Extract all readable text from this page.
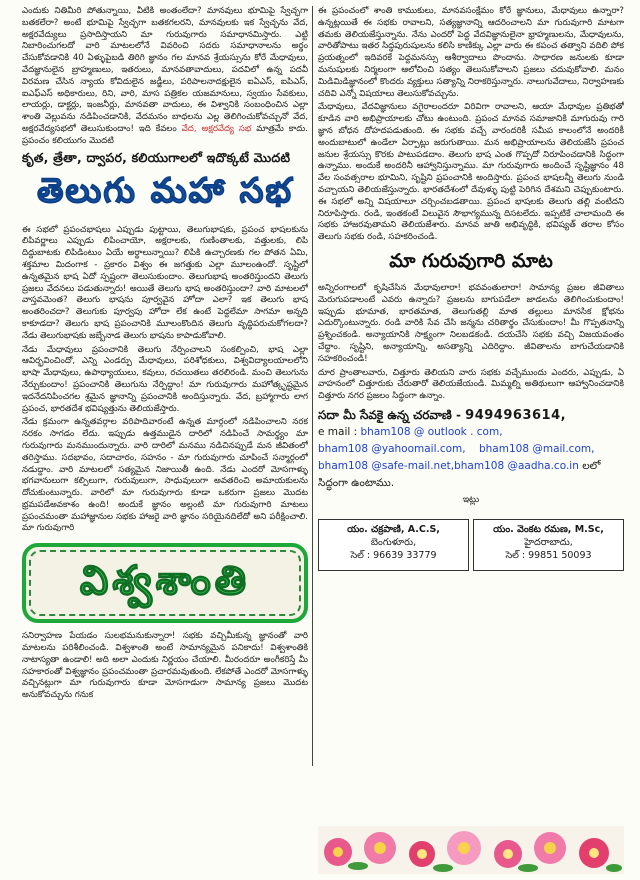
ఎందుకు నితిమీరి పోతున్నాయి, వీటికి అంతంలేదా? మానవులు భూమిపై స్వేచ్ఛగా బతకలేరా? అంటే భూమిపై స్వేచ్ఛగా బతకగలరని, మానవులకు ఇక స్వేచ్ఛను వేద, అక్షరవేద్యులు ప్రసాదిస్తాయని మా గురువుగారు సమాధానమిస్తారు. ఎట్టి నిబారించుగలదో వారి మాటలలోనే వివరించి సదరు సమాధానాలను అర్థం చేసుకోవడానికి 40 ఏళ్ళుపైబడి తిరిగి జ్ఞానం గల మానవ శ్రేయస్సును కోరే మేధావులు, వేదజ్ఞానులైన బ్రాహ్మణులు, ఇతరులు, మానవతావాదులు, పదవిలో ఉన్న పదవీ విరమణ చేసిన న్యాయ కోవిదులైన జడ్జీలు, పరిపాలనాదక్షులైన ఐఏఎస్, ఐపిఎస్, ఐఎఫ్ఎస్ అధికారులు, రిని, వారి, మాస పత్రికల యజమానులు, స్వయం సేవకులు, లాయర్లు, డాక్టర్లు, ఇంజనీర్లు, మానవతా వాదులు, ఈ విశ్వానికి సంబంధించిన ఎల్లా శాంతి వెల్లువను నడిపించడానికి, వేదమనం బాధలను ఎల్ల తెలిగించుకోవచ్చునో వేద, అక్షరవేద్యసభలో తెలుసుకుందాం! ఇది కేవలం వేద, అక్షరవేద్య సభ మాత్రమే కాదు. ప్రపంచం కలియుగం మొదటి

కృత, త్రేతా, ద్వాపర, కలియుగాలలో ఇదొక్కటే మొదటి
తెలుగు మహా సభ

ఈ సభలో ప్రపంచభాషలు ఎప్పుడు పుట్టాయి, తెలుగుభాషకు, ప్రపంచ భాషలకును లిపివర్ణాలు ఎప్పుడు లిపించాయో, అక్షరాలకు, గుణింతాలకు, వత్తులకు, లిపి దిద్దుబాటకు లిపిడింటుం ఏయే అర్థాలున్నాయి? లిపికి ఉచ్చారణకు గల పోతన ఏమి, శక్తమాల మిదంగాక - ప్రకారం విశ్వం ఈ జగత్తుకు ఎల్లా మూలంఉందో. సృష్టిలో ఉన్నతమైన భాష ఏదో స్పష్టంగా తెలుసుకుందాం. తెలుగుభాష అంతరిస్తుందని తెలుగు ప్రజలు వేదనలు పడుతున్నారు! అయితే తెలుగు భాష అంతరిస్తుందా? వారి మాటలలో వాస్తవమెంత? తెలుగు భాషను పూర్వవైన హోదా ఎలా? ఇక తెలుగు భాష అంతరించదా? తెలుగుకు పూర్వపు హోదా లేక ఉంటే పెద్దలేమా సాగమా అన్నది కాకూడదా? తెలుగు భాష ప్రపంచానికి మూలంకొందిన తెలుగు వృద్ధిపరుచుకోగలదా? నేడు తెలుగుభాషకు జబ్బేనాడ తెలుగు భాషను కాపాడుకోవాలి.

నేడు మేధావులు ప్రపంచానికి తెలుగు నేర్పించాలని సంకల్పించి, భాష ఎల్లా ఆవిర్భవించిందో, ఎన్ని ఎండర్పు మేధావులు, పరిశోధకులు, విశ్వవిద్యాలయాలలోని భాషా మేధావులు, ఉపాధ్యాయులు, కవులు, రచయితలు తరలిరండి. మంచి తెలుగును నేర్చుకుందాం! ప్రపంచానికి తెలుగును నేర్పిద్దాం! మా గురువుగారు మహోత్కృష్టమైన ఇదనేదనిపించగల శ్రమైన జ్ఞానాన్ని ప్రపంచానికి అందిస్తున్నారు. వేద, బ్రహ్మాగారు లాగ ప్రపంచ, భారతదేశ భవిష్యత్తును తెలియజేస్తారు.

నేడు క్రమంగా ఉన్నతవర్గాల వరిపాదివారంటే ఉన్నత మార్గంలో నడిపించాలని నరక నరకం సాగడం లేదు. ఇప్పుడు ఉత్తముడైన దారిలో నడిపించే సామర్థ్యం మా గురువుగారు మనముందున్నారు. వారి దారిలో మనము నడిచినప్పుడే మన జీవితంలో తరిస్తాము. సదభావం, సదాచారం, సహనం - మా గురువుగారు చూపించే సన్మార్గంలో నడుద్దాం. వారి మాటలలో సత్యమైన నిజాయితీ ఉంది. నేడు ఎందరో మోసగాళ్ళు భగవానులుగా కల్పిలుగా, గురువులుగా, సాధువులుగా అవతరించి అమాయకులను దోచుకుంటున్నారు. వారిలో మా గురువుగారు కూడా ఒకరుగా ప్రజలు మొదట భ్రమపడేఅవకాశం ఉంది! అందుకే జ్ఞానం అల్లంటి మా గురువుగారి మాటలు ప్రపంచమంతా మహాజ్ఞానుల సభకు హాజరై వారి జ్ఞానం సరియైనదిలేదో అని పరీక్షించాలి. మా గురువుగారి

విశ్వశాంతి

సనిర్వాహణ పేయడం సులభమనుకున్నారా! సభకు వచ్చిమీకున్న జ్ఞానంతో వారి మాటలను పరిశీలించండి. విశ్వశాంతి అంటే సామాన్యమైన పనికాదు! విశ్వశాంతికి నాటాస్యతా ఉండాలి! అది అలా ఎందుకు నిర్ణయం చేయాలి. మీరందరూ అంగీకరిస్తే మీ సహకారంతో విశ్వజ్ఞానం ప్రపంచమంతా ప్రచారమవుతుంది. లేకపోతే ఎందరో మోసగాళ్ళు వచ్చినట్లుగా మా గురువుగారు కూడా మోసగాడుగా సామాన్య ప్రజలు మొదట అనుకోవచ్చును గనుక

ఈ ప్రపంచంలో శాంతి కాముకులు, మానవసంక్షేమం కోరే జ్ఞానులు, మేధావులు ఉన్నారా? ఉన్నట్లయితే ఈ సభకు రావాలని, సత్యజ్ఞానాన్ని ఆదరించాలని మా గురువుగారి మాటగా తమకు తెలియజేస్తున్నాను. నేను ఎందరో పెద్ద వేదవిజ్ఞానులైనా భ్రాహ్మణులను, మేధావులను, వారితోపాటు ఇతర సిద్ధపురుషులను కలిసి కాణిక్కు ఎల్లా వారు ఈ కపంచ తత్వాని వదిలి పోక ప్రయత్నంలో ఇదివరకే పెద్దమనస్సు ఆశీర్వాదాలు పొందాను. సాధారణ జనులకు కూడా మనుషులకు నిర్మలంగా ఆలోచించి సత్యం తెలుసుకోవాలని ప్రజలు చదువుకోవాలి. మనం మిడిమిడిజ్ఞానంలో కొందరు వ్యక్తులు సత్యాన్ని నిరాకరిస్తున్నారు. నాలుగువేదాలు, నిర్వాహణకు చదివి ఎన్నో విషయాలు తెలుసుకోవచ్చును.

మేధావులు, వేదవిజ్ఞానులు వగైరాలందరూ విరివిగా రావాలని, ఆయా మేధావుల ప్రతిభతో కూడిన వారి అభిప్రాయాలకు చోటు ఉంటుంది. ప్రపంచ మానవ సమాజానికి మాగురువు గారి జ్ఞాన బోధన దోహదపడుతుంది. ఈ సభకు వచ్చే వారందరికీ సమీప కాలంలోనే అందరికీ అందుబాటులో ఉండేలా ఏర్పాట్లు జరుగుతాయి. మన అభిప్రాయాలను తెలియజేసి ప్రపంచ జనుల శ్రేయస్సు కొరకు పాటుపడదాం. తెలుగు భాష ఎంత గొప్పదో నిరూపించడానికి సిద్ధంగా ఉన్నాము. అందుకే అందరినీ ఆహ్వానిస్తున్నాము. మా గురువుగారు అందించే సృష్టిజ్ఞానం 48 వేల సంవత్సరాల భూమిని, సృష్టిని ప్రపంచానికి అందిస్తారు. ప్రపంచ భాషలన్నీ తెలుగు నుండి వచ్చాయని తెలియజేస్తున్నారు. భారతదేశంలో దేవుళ్ళు పుట్టి పెరిగిన దేశమని చెప్పుకుంటారు. ఈ సభలో అన్ని విషయాలూ చర్చించబడతాయి. ప్రపంచ భాషలకు తెలుగు తల్లి వంటిదని నిరూపిస్తారు. రండి, ఇంతకంటే విలువైన సౌభాగ్యమున్న దిసటలేదు. ఇప్పటికే చాలామంది ఈ సభకు హాజరవుతామని తెలియజేశారు. మానవ జాతి అభివృద్ధికి, భవిష్యత్ తరాల కోసం తెలుగు సభకు రండి, సహకరించండి.

మా గురువుగారి మాట

అన్నిరంగాలలో కృషిచేసిన మేధావులారా! భవవంతులారా! సామాన్య ప్రజల జీవితాలు మెరుగుపడాలంటే ఎవరు ఉన్నారు? ప్రజలను బాగుపడేలా జాడలను తెలిగించుకుందాం! ఇప్పుడు భూమాత, భారతమాత, తెలుగుతల్లి మాత తల్లులు మానసిక క్షోభను ఎదుర్కొంటున్నారు. రండి వారికి సేవ చేసి జన్మను చరితార్థం చేసుకుందాం! మీ గొప్పతనాన్ని ప్రశ్నించకండి. అన్యాయానికి సాక్ష్యంగా నిలబడకండి. దయచేసి సభకు వచ్చి విజయవంతం చేద్దాం. సృష్టిని, అన్యాయాన్ని, అసత్యాన్ని ఎదిరిద్దాం. జీవితాలను బాగుచేయడానికి సహకరించండి!

దూర ప్రాంతాలవారు, చిత్తూరు తెలియని వారు సభకు వచ్చేముందు ఎందరు, ఎప్పుడు, ఏ వాహనంలో చిత్తూరుకు చేరుతారో తెలియజేయండి. మిమ్మల్ని అతిథులుగా ఆహ్వానించడానికి చిత్తూరు నగర ప్రజలం సిద్ధంగా ఉన్నాం.

సదా మీ సేవకై ఉన్న చరవాణి - 9494963614,
e mail : bham108 @ outlook . com,
bham108 @yahoomail.com, bham108 @mail.com,
bham108 @safe-mail.net,bham108 @aadha.co.in లలో
సిద్ధంగా ఉంటాము.
ఇట్లు
యం. చక్రపాణి, A.C.S,
బెంగుళూరు,
సెల్ : 96639 33779
యం. వెంకట రమణ, M.Sc,
హైదరాబాదు,
సెల్ : 99851 50093
